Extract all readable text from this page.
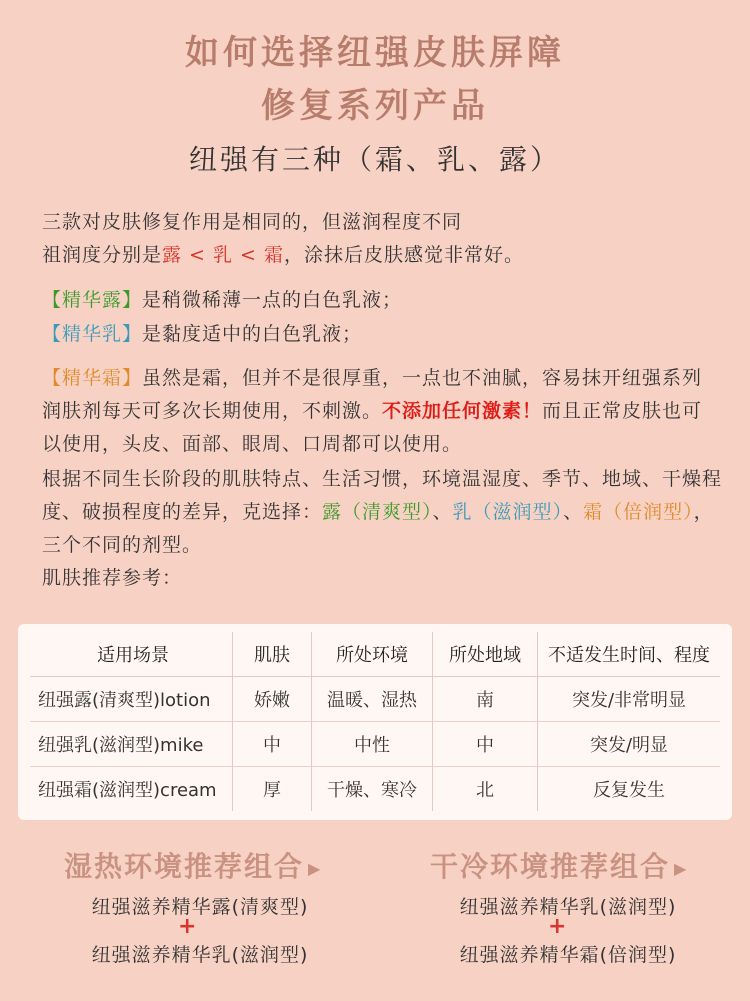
如何选择纽强皮肤屏障
修复系列产品
纽强有三种（霜、乳、露）
三款对皮肤修复作用是相同的，但滋润程度不同
祖润度分别是露 < 乳 < 霜，涂抹后皮肤感觉非常好。
【精华露】是稍微稀薄一点的白色乳液；
【精华乳】是黏度适中的白色乳液；
【精华霜】虽然是霜，但并不是很厚重，一点也不油腻，容易抹开纽强系列润肤剂每天可多次长期使用，不刺激。不添加任何激素！而且正常皮肤也可以使用，头皮、面部、眼周、口周都可以使用。
根据不同生长阶段的肌肤特点、生活习惯，环境温湿度、季节、地域、干燥程度、破损程度的差异，克选择：露（清爽型）、乳（滋润型）、霜（倍润型），三个不同的剂型。
肌肤推荐参考：
适用场景	肌肤	所处环境	所处地域	不适发生时间、程度
纽强露(清爽型)lotion	娇嫩	温暖、湿热	南	突发/非常明显
纽强乳(滋润型)mike	中	中性	中	突发/明显
纽强霜(滋润型)cream	厚	干燥、寒冷	北	反复发生
湿热环境推荐组合 ▶
纽强滋养精华露(清爽型)
+
纽强滋养精华乳(滋润型)
干冷环境推荐组合 ▶
纽强滋养精华乳(滋润型)
+
纽强滋养精华霜(倍润型)
